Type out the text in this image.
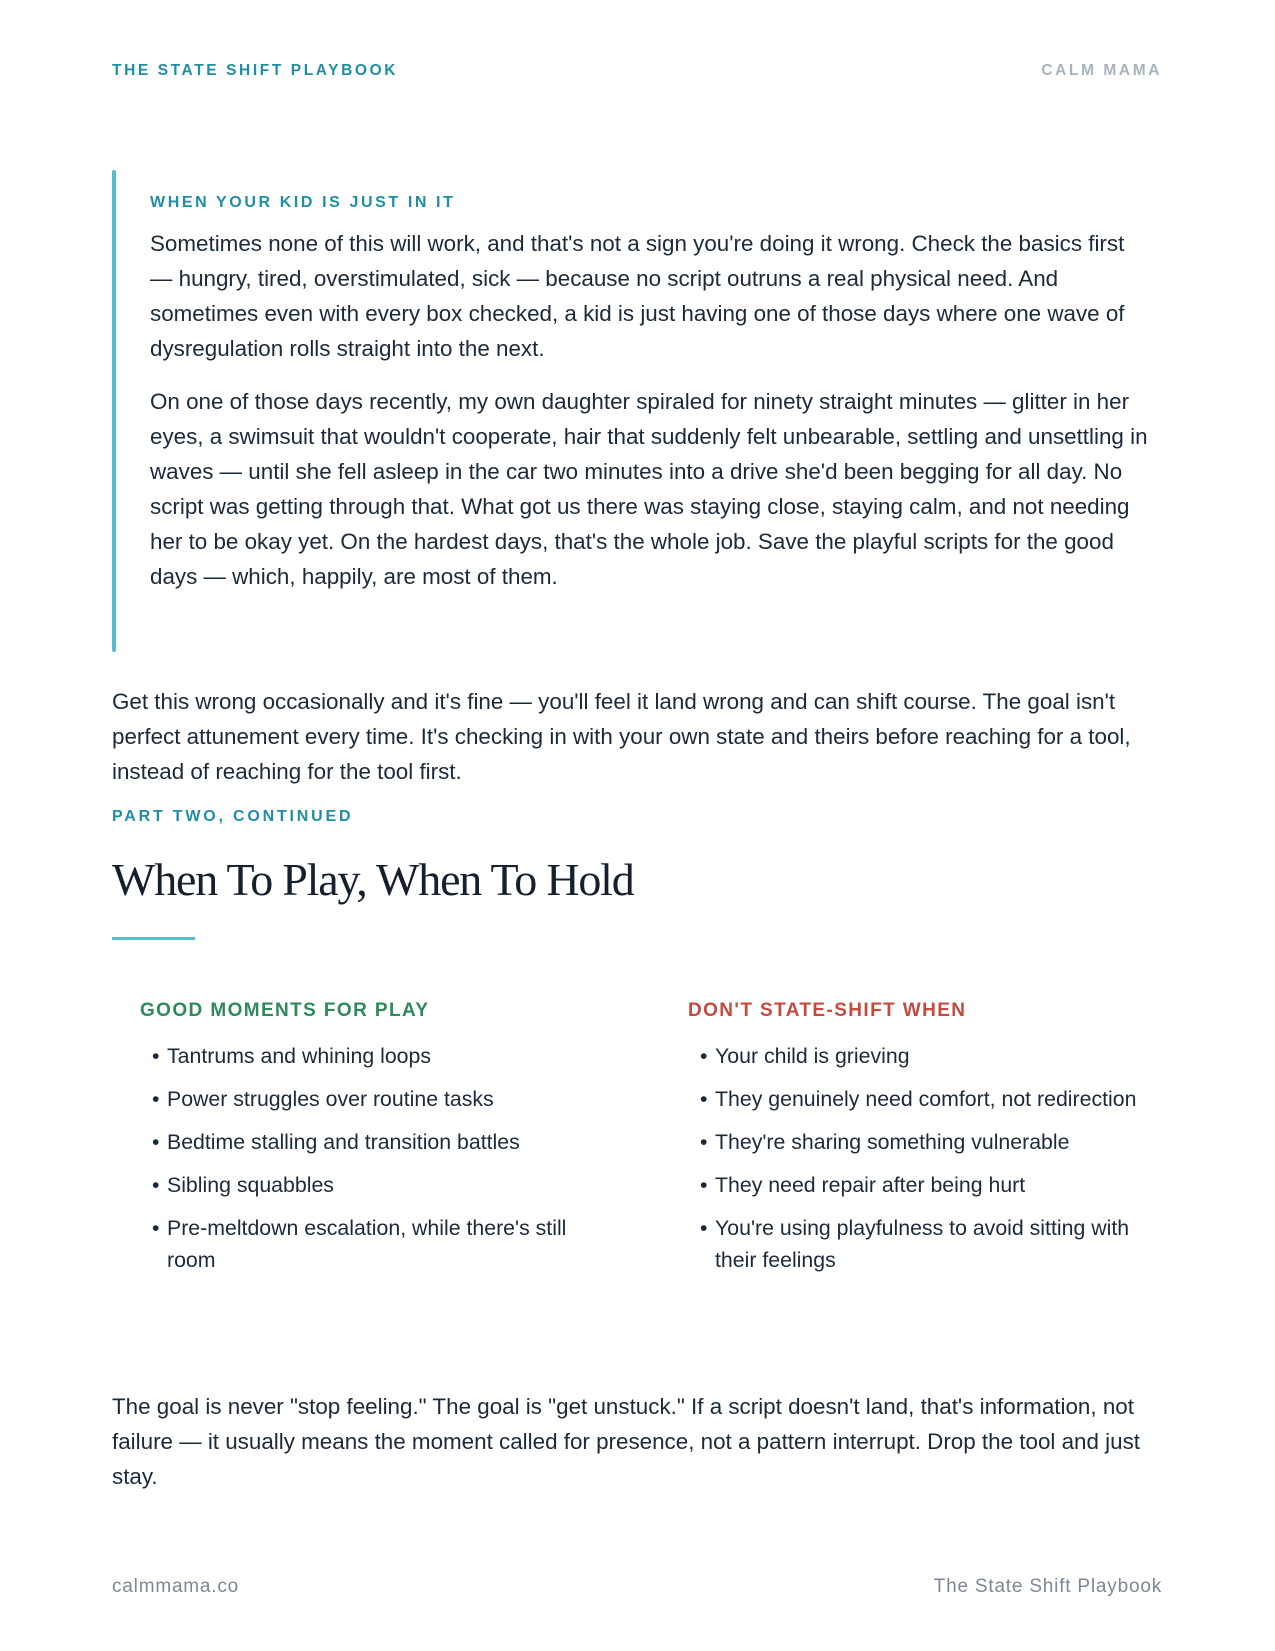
THE STATE SHIFT PLAYBOOK	CALM MAMA
WHEN YOUR KID IS JUST IN IT

Sometimes none of this will work, and that's not a sign you're doing it wrong. Check the basics first — hungry, tired, overstimulated, sick — because no script outruns a real physical need. And sometimes even with every box checked, a kid is just having one of those days where one wave of dysregulation rolls straight into the next.

On one of those days recently, my own daughter spiraled for ninety straight minutes — glitter in her eyes, a swimsuit that wouldn't cooperate, hair that suddenly felt unbearable, settling and unsettling in waves — until she fell asleep in the car two minutes into a drive she'd been begging for all day. No script was getting through that. What got us there was staying close, staying calm, and not needing her to be okay yet. On the hardest days, that's the whole job. Save the playful scripts for the good days — which, happily, are most of them.

Get this wrong occasionally and it's fine — you'll feel it land wrong and can shift course. The goal isn't perfect attunement every time. It's checking in with your own state and theirs before reaching for a tool, instead of reaching for the tool first.

PART TWO, CONTINUED
When To Play, When To Hold
GOOD MOMENTS FOR PLAY
• Tantrums and whining loops
• Power struggles over routine tasks
• Bedtime stalling and transition battles
• Sibling squabbles
• Pre-meltdown escalation, while there's still room
DON'T STATE-SHIFT WHEN
• Your child is grieving
• They genuinely need comfort, not redirection
• They're sharing something vulnerable
• They need repair after being hurt
• You're using playfulness to avoid sitting with their feelings

The goal is never "stop feeling." The goal is "get unstuck." If a script doesn't land, that's information, not failure — it usually means the moment called for presence, not a pattern interrupt. Drop the tool and just stay.

calmmama.co	The State Shift Playbook
